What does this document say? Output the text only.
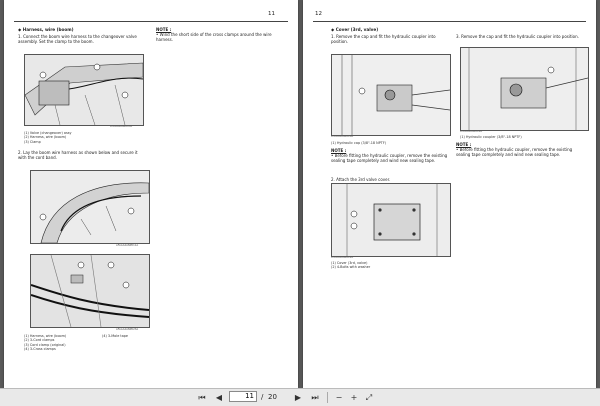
11
◆ Harness, wire (boom)
1. Connect the boom wire harness to the changeover valve assembly. Set the clamp to the boom.
AFAAA2ANP003A
(1) Valve (changeover) assy
(2) Harness, wire (boom)
(3) Clamp
2. Lay the boom wire harness as shown below and secure it with the cord band.
AFAAA2ANP011A
AFAAA2ANP023A
(1) Harness, wire (boom)
(2) 3-Cord clamps
(3) Cord clamp (original)
(4) 3-Cross clamps
(4) 3-Mole tape
NOTE :
• Wind the short side of the cross clamps around the wire harness.
12
◆ Cover (3rd, valve)
1. Remove the cap and fit the hydraulic coupler into position.
AFAAA2ANP020A
(1) Hydraulic cap (3/8"-18 NPTF)
NOTE :
• Before fitting the hydraulic coupler, remove the existing sealing tape completely and wind new sealing tape.
2. Attach the 3rd valve cover.
AFAAA2ANP022A
(1) Cover (3rd, valve)
(2) 4-Bolts with washer
3. Remove the cap and fit the hydraulic coupler into position.
AFAAA2ANP024A
(1) Hydraulic coupler (3/8"-18 NPTF)
NOTE :
• Before fitting the hydraulic coupler, remove the existing sealing tape completely and wind new sealing tape.
⏮	◀
11	/ 20	▶	⏭	−	+	⤢
